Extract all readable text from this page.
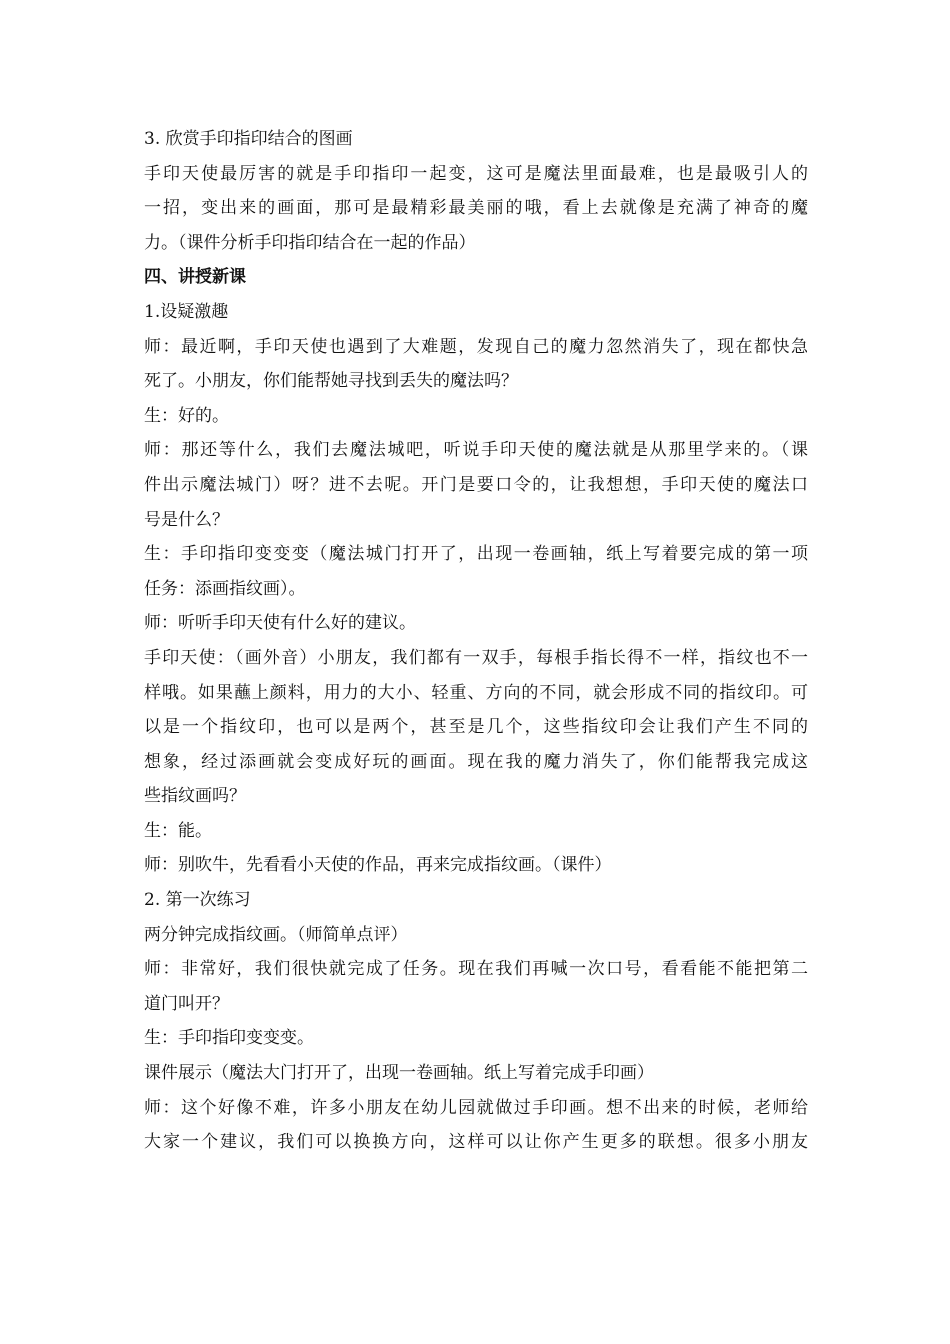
3. 欣赏手印指印结合的图画
手印天使最厉害的就是手印指印一起变，这可是魔法里面最难，也是最吸引人的
一招，变出来的画面，那可是最精彩最美丽的哦，看上去就像是充满了神奇的魔
力。（课件分析手印指印结合在一起的作品）
四、讲授新课
1.设疑激趣
师：最近啊，手印天使也遇到了大难题，发现自己的魔力忽然消失了，现在都快急
死了。小朋友，你们能帮她寻找到丢失的魔法吗？
生：好的。
师：那还等什么，我们去魔法城吧，听说手印天使的魔法就是从那里学来的。（课
件出示魔法城门）呀？进不去呢。开门是要口令的，让我想想，手印天使的魔法口
号是什么？
生：手印指印变变变（魔法城门打开了，出现一卷画轴，纸上写着要完成的第一项
任务：添画指纹画）。
师：听听手印天使有什么好的建议。
手印天使：（画外音）小朋友，我们都有一双手，每根手指长得不一样，指纹也不一
样哦。如果蘸上颜料，用力的大小、轻重、方向的不同，就会形成不同的指纹印。可
以是一个指纹印，也可以是两个，甚至是几个，这些指纹印会让我们产生不同的
想象，经过添画就会变成好玩的画面。现在我的魔力消失了，你们能帮我完成这
些指纹画吗？
生：能。
师：别吹牛，先看看小天使的作品，再来完成指纹画。（课件）
2. 第一次练习
两分钟完成指纹画。（师简单点评）
师：非常好，我们很快就完成了任务。现在我们再喊一次口号，看看能不能把第二
道门叫开？
生：手印指印变变变。
课件展示（魔法大门打开了，出现一卷画轴。纸上写着完成手印画）
师：这个好像不难，许多小朋友在幼儿园就做过手印画。想不出来的时候，老师给
大家一个建议，我们可以换换方向，这样可以让你产生更多的联想。很多小朋友
